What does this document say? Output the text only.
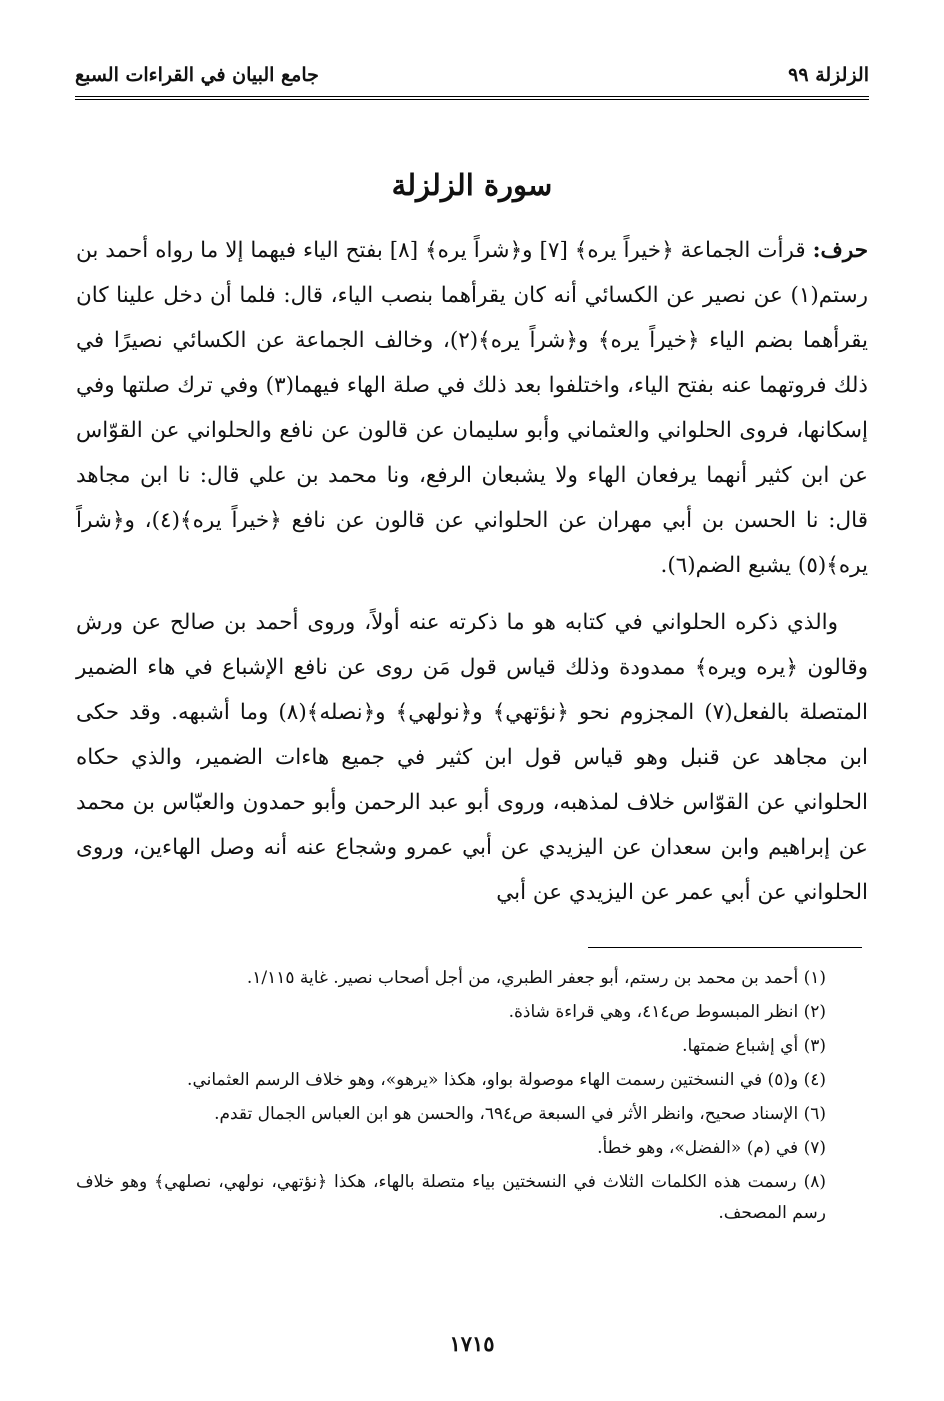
جامع البيان في القراءات السبع	الزلزلة ٩٩
سورة الزلزلة

حرف: قرأت الجماعة ﴿خيراً يره﴾ [٧] و﴿شراً يره﴾ [٨] بفتح الياء فيهما إلا ما رواه أحمد بن رستم(١) عن نصير عن الكسائي أنه كان يقرأهما بنصب الياء، قال: فلما أن دخل علينا كان يقرأهما بضم الياء ﴿خيراً يره﴾ و﴿شراً يره﴾(٢)، وخالف الجماعة عن الكسائي نصيرًا في ذلك فروتهما عنه بفتح الياء، واختلفوا بعد ذلك في صلة الهاء فيهما(٣) وفي ترك صلتها وفي إسكانها، فروى الحلواني والعثماني وأبو سليمان عن قالون عن نافع والحلواني عن القوّاس عن ابن كثير أنهما يرفعان الهاء ولا يشبعان الرفع، ونا محمد بن علي قال: نا ابن مجاهد قال: نا الحسن بن أبي مهران عن الحلواني عن قالون عن نافع ﴿خيراً يره﴾(٤)، و﴿شراً يره﴾(٥) يشبع الضم(٦).

والذي ذكره الحلواني في كتابه هو ما ذكرته عنه أولاً، وروى أحمد بن صالح عن ورش وقالون ﴿يره ويره﴾ ممدودة وذلك قياس قول مَن روى عن نافع الإشباع في هاء الضمير المتصلة بالفعل(٧) المجزوم نحو ﴿نؤتهي﴾ و﴿نولهي﴾ و﴿نصله﴾(٨) وما أشبهه. وقد حكى ابن مجاهد عن قنبل وهو قياس قول ابن كثير في جميع هاءات الضمير، والذي حكاه الحلواني عن القوّاس خلاف لمذهبه، وروى أبو عبد الرحمن وأبو حمدون والعبّاس بن محمد عن إبراهيم وابن سعدان عن اليزيدي عن أبي عمرو وشجاع عنه أنه وصل الهاءين، وروى الحلواني عن أبي عمر عن اليزيدي عن أبي

(١) أحمد بن محمد بن رستم، أبو جعفر الطبري، من أجل أصحاب نصير. غاية ١/١١٥.

(٢) انظر المبسوط ص٤١٤، وهي قراءة شاذة.

(٣) أي إشباع ضمتها.

(٤) و(٥) في النسختين رسمت الهاء موصولة بواو، هكذا «يرهو»، وهو خلاف الرسم العثماني.

(٦) الإسناد صحيح، وانظر الأثر في السبعة ص٦٩٤، والحسن هو ابن العباس الجمال تقدم.

(٧) في (م) «الفضل»، وهو خطأ.

(٨) رسمت هذه الكلمات الثلاث في النسختين بياء متصلة بالهاء، هكذا ﴿نؤتهي، نولهي، نصلهي﴾ وهو خلاف رسم المصحف.

١٧١٥
